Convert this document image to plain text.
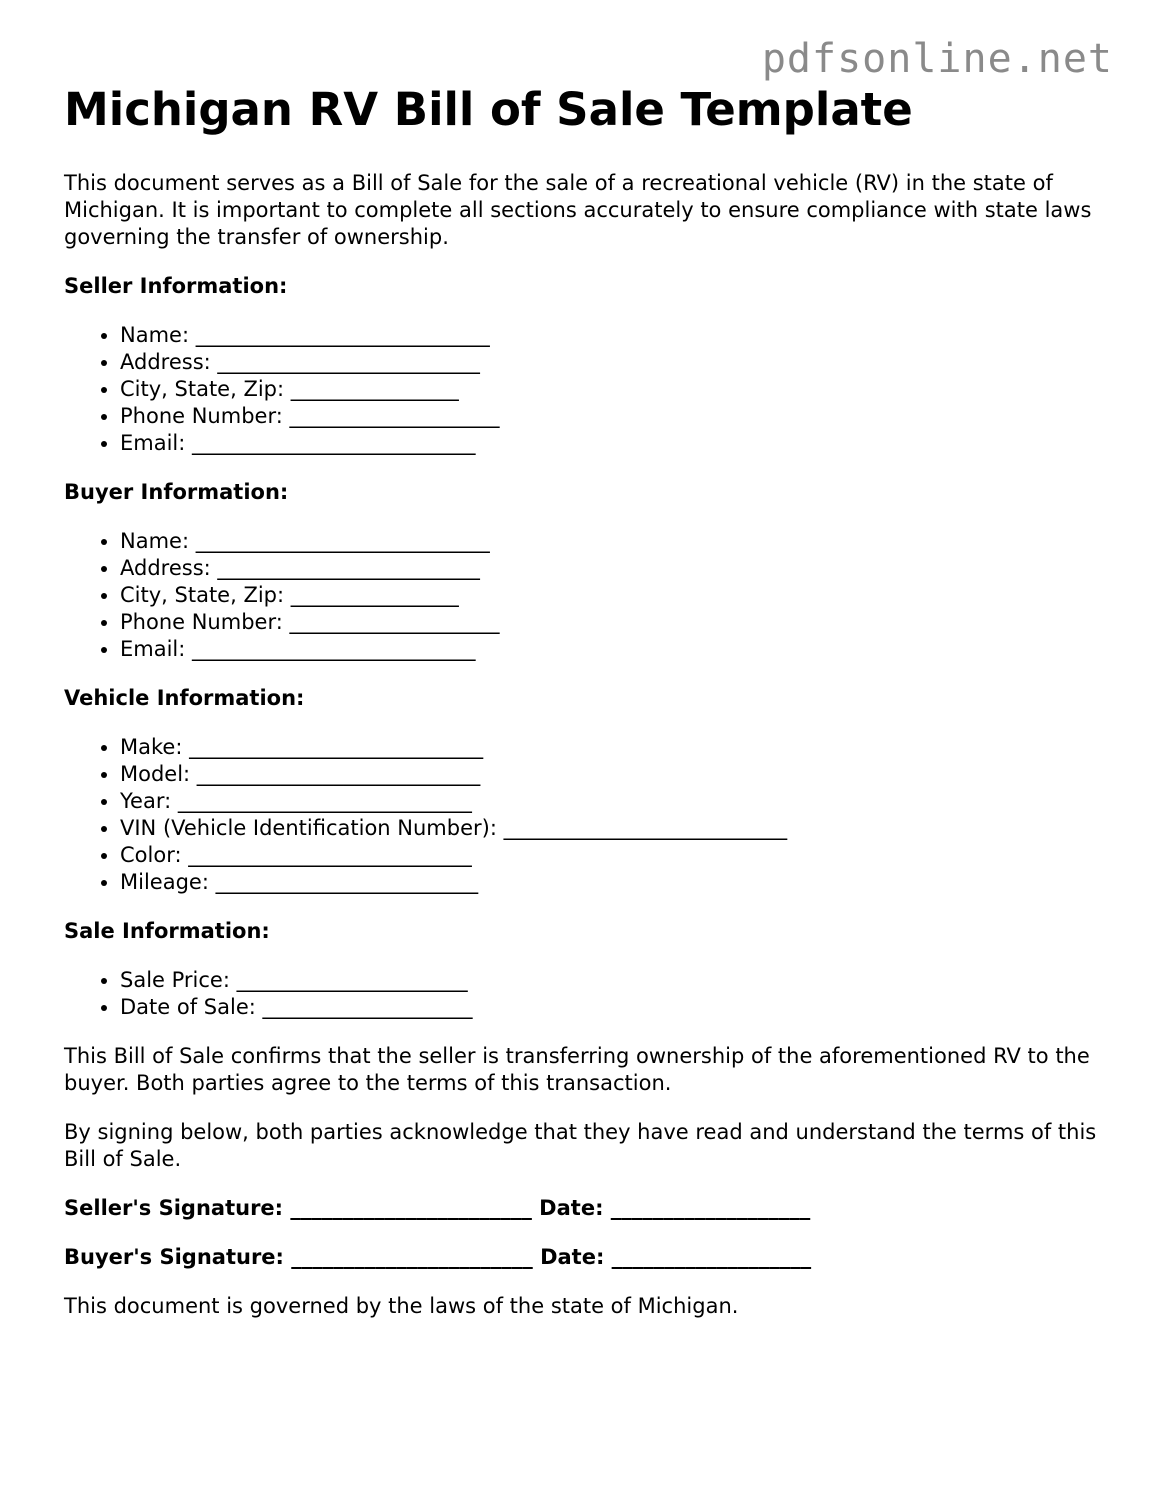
pdfsonline.net
Michigan RV Bill of Sale Template

This document serves as a Bill of Sale for the sale of a recreational vehicle (RV) in the state of Michigan. It is important to complete all sections accurately to ensure compliance with state laws governing the transfer of ownership.

Seller Information:
• Name: ____________________________
• Address: _________________________
• City, State, Zip: ________________
• Phone Number: ____________________
• Email: ___________________________
Buyer Information:
• Name: ____________________________
• Address: _________________________
• City, State, Zip: ________________
• Phone Number: ____________________
• Email: ___________________________
Vehicle Information:
• Make: ____________________________
• Model: ___________________________
• Year: ____________________________
• VIN (Vehicle Identification Number): ___________________________
• Color: ___________________________
• Mileage: _________________________
Sale Information:
• Sale Price: ______________________
• Date of Sale: ____________________

This Bill of Sale confirms that the seller is transferring ownership of the aforementioned RV to the buyer. Both parties agree to the terms of this transaction.

By signing below, both parties acknowledge that they have read and understand the terms of this Bill of Sale.

Seller's Signature: _______________________ Date: ___________________
Buyer's Signature: _______________________ Date: ___________________

This document is governed by the laws of the state of Michigan.
